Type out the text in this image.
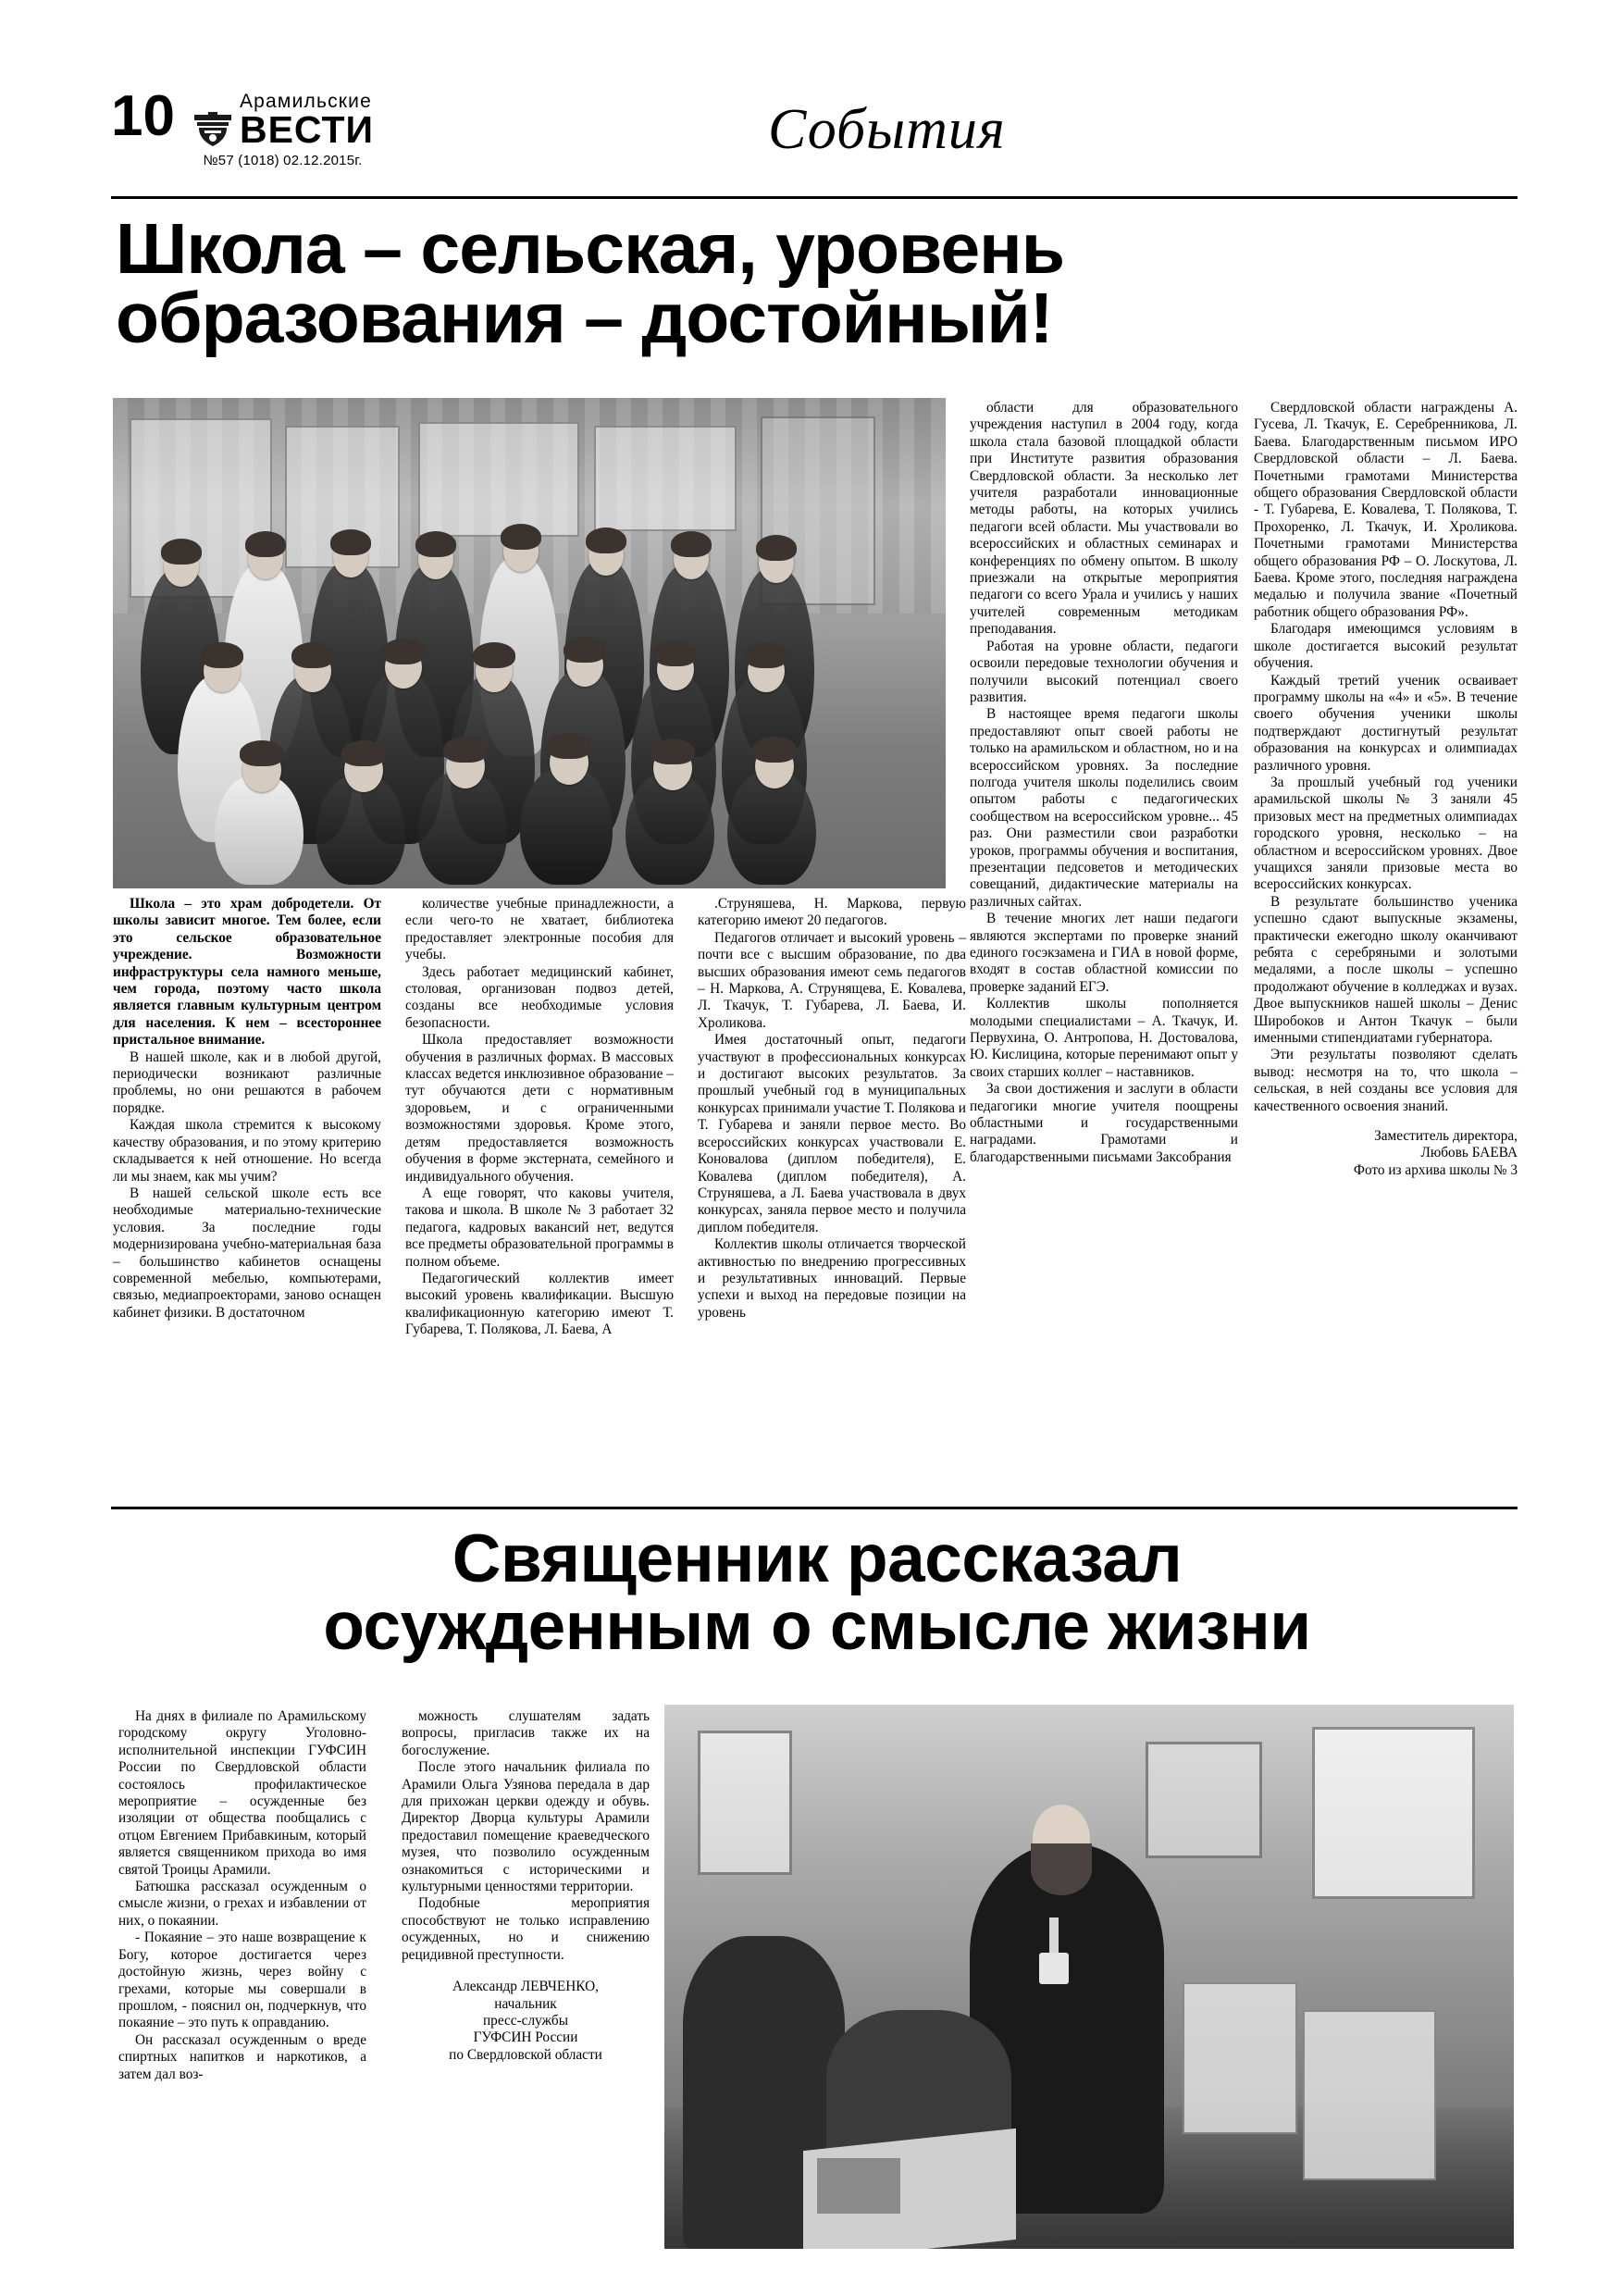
10	Арамильские
ВЕСТИ
№57 (1018) 02.12.2015г.	События
Школа – сельская, уровень
образования – достойный!

Школа – это храм добродетели. От школы зависит многое. Тем более, если это сельское образовательное учреждение. Возможности инфраструктуры села намного меньше, чем города, поэтому часто школа является главным культурным центром для населения. К нем – всестороннее пристальное внимание.

В нашей школе, как и в любой другой, периодически возникают различные проблемы, но они решаются в рабочем порядке.

Каждая школа стремится к высокому качеству образования, и по этому критерию складывается к ней отношение. Но всегда ли мы знаем, как мы учим?

В нашей сельской школе есть все необходимые материально-технические условия. За последние годы модернизирована учебно-материальная база – большинство кабинетов оснащены современной мебелью, компьютерами, связью, медиапроекторами, заново оснащен кабинет физики. В достаточном

количестве учебные принадлежности, а если чего-то не хватает, библиотека предоставляет электронные пособия для учебы.

Здесь работает медицинский кабинет, столовая, организован подвоз детей, созданы все необходимые условия безопасности.

Школа предоставляет возможности обучения в различных формах. В массовых классах ведется инклюзивное образование – тут обучаются дети с нормативным здоровьем, и с ограниченными возможностями здоровья. Кроме этого, детям предоставляется возможность обучения в форме экстерната, семейного и индивидуального обучения.

А еще говорят, что каковы учителя, такова и школа. В школе № 3 работает 32 педагога, кадровых вакансий нет, ведутся все предметы образовательной программы в полном объеме.

Педагогический коллектив имеет высокий уровень квалификации. Высшую квалификационную категорию имеют Т. Губарева, Т. Полякова, Л. Баева, А

.Струняшева, Н. Маркова, первую категорию имеют 20 педагогов.

Педагогов отличает и высокий уровень – почти все с высшим образование, по два высших образования имеют семь педагогов – Н. Маркова, А. Струнящева, Е. Ковалева, Л. Ткачук, Т. Губарева, Л. Баева, И. Хроликова.

Имея достаточный опыт, педагоги участвуют в профессиональных конкурсах и достигают высоких результатов. За прошлый учебный год в муниципальных конкурсах принимали участие Т. Полякова и Т. Губарева и заняли первое место. Во всероссийских конкурсах участвовали Е. Коновалова (диплом победителя), Е. Ковалева (диплом победителя), А. Струняшева, а Л. Баева участвовала в двух конкурсах, заняла первое место и получила диплом победителя.

Коллектив школы отличается творческой активностью по внедрению прогрессивных и результативных инноваций. Первые успехи и выход на передовые позиции на уровень

области для образовательного учреждения наступил в 2004 году, когда школа стала базовой площадкой области при Институте развития образования Свердловской области. За несколько лет учителя разработали инновационные методы работы, на которых учились педагоги всей области. Мы участвовали во всероссийских и областных семинарах и конференциях по обмену опытом. В школу приезжали на открытые мероприятия педагоги со всего Урала и учились у наших учителей современным методикам преподавания.

Работая на уровне области, педагоги освоили передовые технологии обучения и получили высокий потенциал своего развития.

В настоящее время педагоги школы предоставляют опыт своей работы не только на арамильском и областном, но и на всероссийском уровнях. За последние полгода учителя школы поделились своим опытом работы с педагогических сообществом на всероссийском уровне... 45 раз. Они разместили свои разработки уроков, программы обучения и воспитания, презентации педсоветов и методических совещаний, дидактические материалы на различных сайтах.

В течение многих лет наши педагоги являются экспертами по проверке знаний единого госэкзамена и ГИА в новой форме, входят в состав областной комиссии по проверке заданий ЕГЭ.

Коллектив школы пополняется молодыми специалистами – А. Ткачук, И. Первухина, О. Антропова, Н. Достовалова, Ю. Кислицина, которые перенимают опыт у своих старших коллег – наставников.

За свои достижения и заслуги в области педагогики многие учителя поощрены областными и государственными наградами. Грамотами и благодарственными письмами Заксобрания

Свердловской области награждены А. Гусева, Л. Ткачук, Е. Серебренникова, Л. Баева. Благодарственным письмом ИРО Свердловской области – Л. Баева. Почетными грамотами Министерства общего образования Свердловской области - Т. Губарева, Е. Ковалева, Т. Полякова, Т. Прохоренко, Л. Ткачук, И. Хроликова. Почетными грамотами Министерства общего образования РФ – О. Лоскутова, Л. Баева. Кроме этого, последняя награждена медалью и получила звание «Почетный работник общего образования РФ».

Благодаря имеющимся условиям в школе достигается высокий результат обучения.

Каждый третий ученик осваивает программу школы на «4» и «5». В течение своего обучения ученики школы подтверждают достигнутый результат образования на конкурсах и олимпиадах различного уровня.

За прошлый учебный год ученики арамильской школы № 3 заняли 45 призовых мест на предметных олимпиадах городского уровня, несколько – на областном и всероссийском уровнях. Двое учащихся заняли призовые места во всероссийских конкурсах.

В результате большинство ученика успешно сдают выпускные экзамены, практически ежегодно школу оканчивают ребята с серебряными и золотыми медалями, а после школы – успешно продолжают обучение в колледжах и вузах. Двое выпускников нашей школы – Денис Широбоков и Антон Ткачук – были именными стипендиатами губернатора.

Эти результаты позволяют сделать вывод: несмотря на то, что школа – сельская, в ней созданы все условия для качественного освоения знаний.

Заместитель директора,
Любовь БАЕВА
Фото из архива школы № 3
Священник рассказал
осужденным о смысле жизни

На днях в филиале по Арамильскому городскому округу Уголовно-исполнительной инспекции ГУФСИН России по Свердловской области состоялось профилактическое мероприятие – осужденные без изоляции от общества пообщались с отцом Евгением Прибавкиным, который является священником прихода во имя святой Троицы Арамили.

Батюшка рассказал осужденным о смысле жизни, о грехах и избавлении от них, о покаянии.

- Покаяние – это наше возвращение к Богу, которое достигается через достойную жизнь, через войну с грехами, которые мы совершали в прошлом, - пояснил он, подчеркнув, что покаяние – это путь к оправданию.

Он рассказал осужденным о вреде спиртных напитков и наркотиков, а затем дал воз-

можность слушателям задать вопросы, пригласив также их на богослужение.

После этого начальник филиала по Арамили Ольга Узянова передала в дар для прихожан церкви одежду и обувь. Директор Дворца культуры Арамили предоставил помещение краеведческого музея, что позволило осужденным ознакомиться с историческими и культурными ценностями территории.

Подобные мероприятия способствуют не только исправлению осужденных, но и снижению рецидивной преступности.

Александр ЛЕВЧЕНКО,
начальник
пресс-службы
ГУФСИН России
по Свердловской области
